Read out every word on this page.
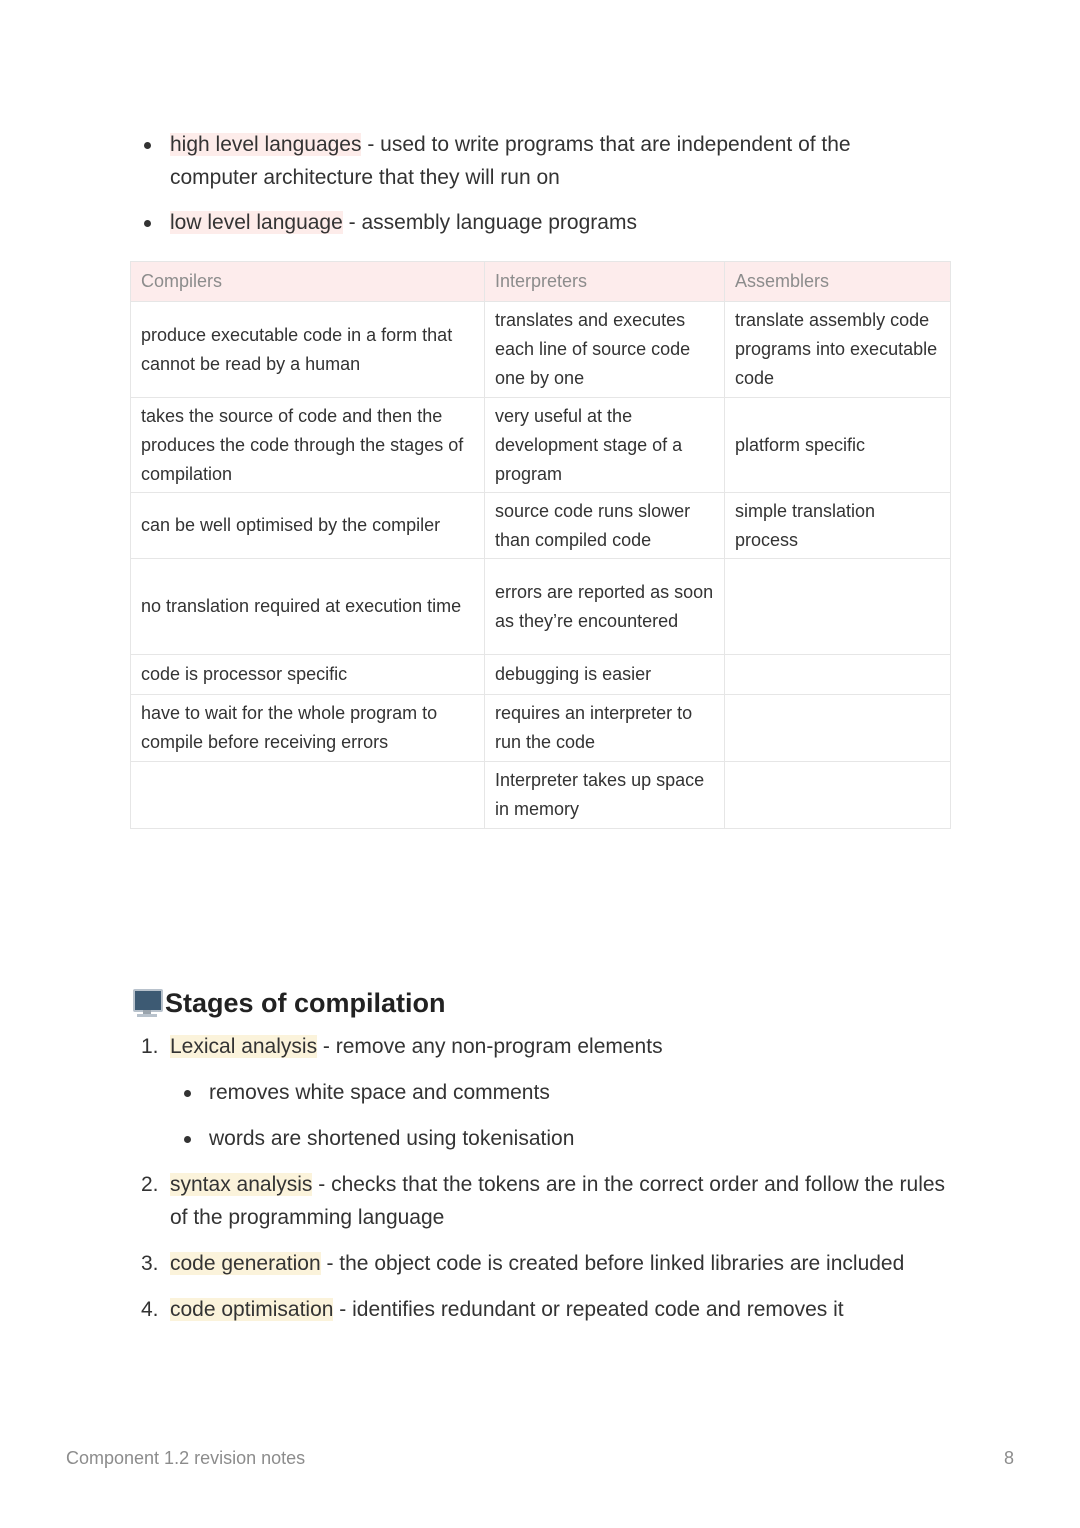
high level languages - used to write programs that are independent of the computer architecture that they will run on
low level language - assembly language programs
Compilers	Interpreters	Assemblers
produce executable code in a form that cannot be read by a human	translates and executes each line of source code one by one	translate assembly code programs into executable code
takes the source of code and then the produces the code through the stages of compilation	very useful at the development stage of a program	platform specific
can be well optimised by the compiler	source code runs slower than compiled code	simple translation process
no translation required at execution time	errors are reported as soon as they’re encountered	
code is processor specific	debugging is easier	
have to wait for the whole program to compile before receiving errors	requires an interpreter to run the code	
	Interpreter takes up space in memory	
Stages of compilation
1. Lexical analysis - remove any non-program elements
removes white space and comments
words are shortened using tokenisation
2. syntax analysis - checks that the tokens are in the correct order and follow the rules of the programming language
3. code generation - the object code is created before linked libraries are included
4. code optimisation - identifies redundant or repeated code and removes it
Component 1.2 revision notes	8
